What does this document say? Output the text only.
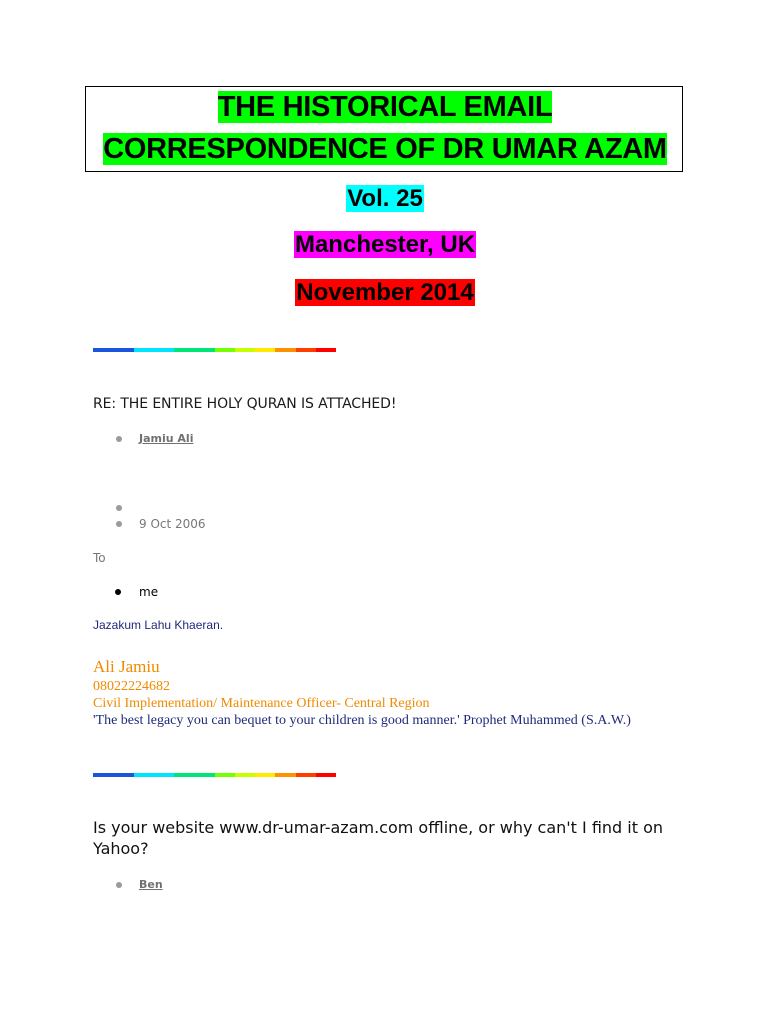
THE HISTORICAL EMAIL
CORRESPONDENCE OF DR UMAR AZAM
Vol. 25
Manchester, UK
November 2014
RE: THE ENTIRE HOLY QURAN IS ATTACHED!
Jamiu Ali
9 Oct 2006
To
me
Jazakum Lahu Khaeran.
Ali Jamiu
08022224682
Civil Implementation/ Maintenance Officer- Central Region
'The best legacy you can bequet to your children is good manner.' Prophet Muhammed (S.A.W.)
Is your website www.dr-umar-azam.com offline, or why can't I find it on Yahoo?
Ben
